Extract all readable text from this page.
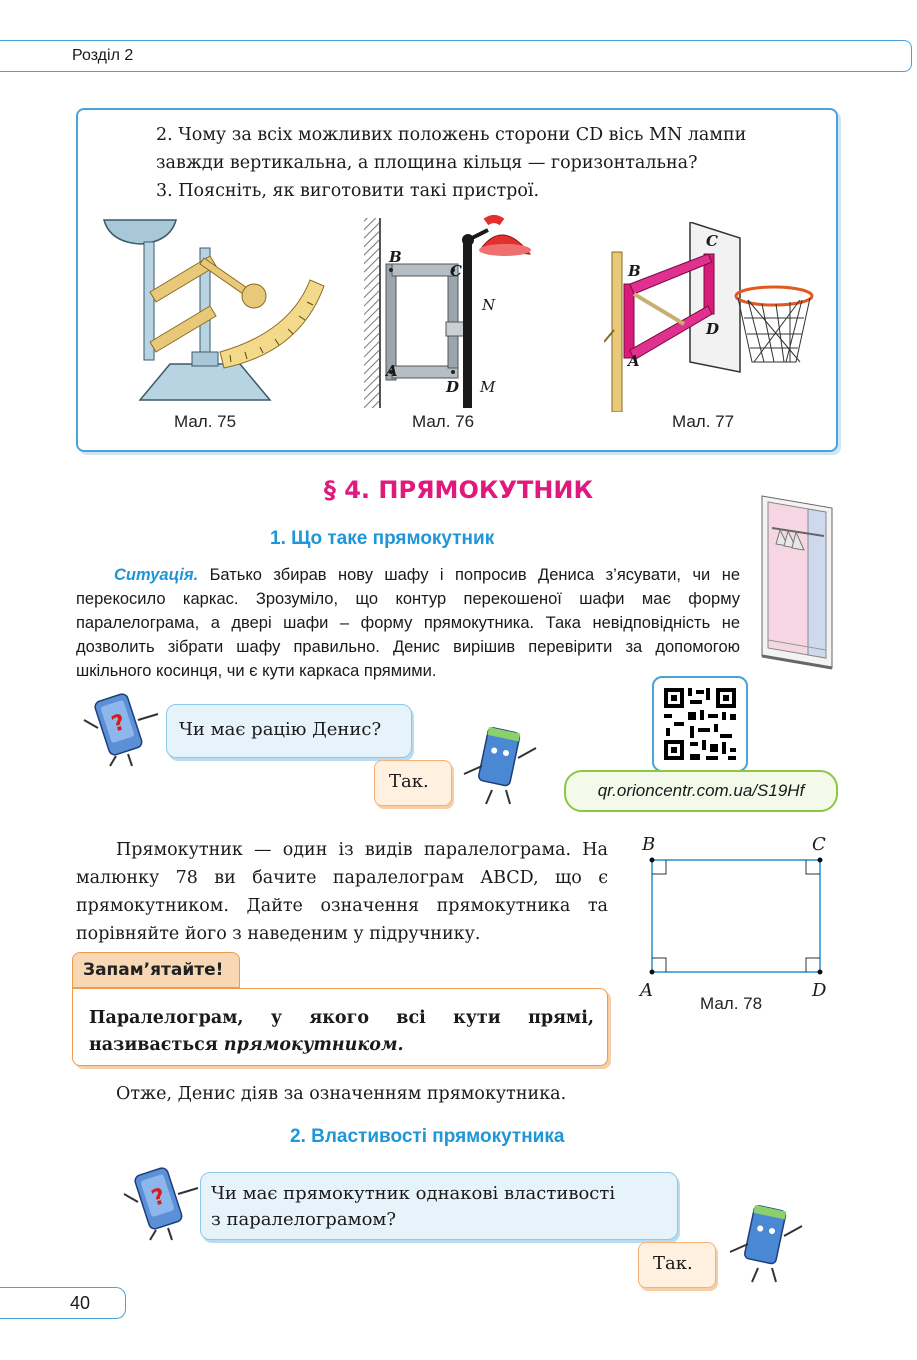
Розділ 2
2. Чому за всіх можливих положень сторони CD вісь MN лампи
завжди вертикальна, а площина кільця — горизонтальна?
3. Поясніть, як виготовити такі пристрої.
Мал. 75
B
C
N
A
D M
Мал. 76
C
B
D
A
Мал. 77
§ 4. ПРЯМОКУТНИК
1. Що таке прямокутник
Ситуація. Батько збирав нову шафу і попросив Дениса з’ясувати, чи не перекосило каркас. Зрозуміло, що контур перекошеної шафи має форму паралелограма, а двері шафи – форму прямокутника. Така невідповідність не дозволить зібрати шафу правильно. Денис вирішив перевірити за допомогою шкільного косинця, чи є кути каркаса прямими.
?	Чи має рацію Денис?
Так.	qr.orioncentr.com.ua/S19Hf
Прямокутник — один із видів паралелограма. На малюнку 78 ви бачите паралелограм ABCD, що є прямокутником. Дайте означення прямокутника та порівняйте його з наведеним у підручнику.
B	C
A	D
Мал. 78
Запам’ятайте!
Паралелограм, у якого всі кути прямі, називається прямокутником.
Отже, Денис діяв за означенням прямокутника.
2. Властивості прямокутника
? Чи має прямокутник однакові властивості
з паралелограмом?
Так.
40
